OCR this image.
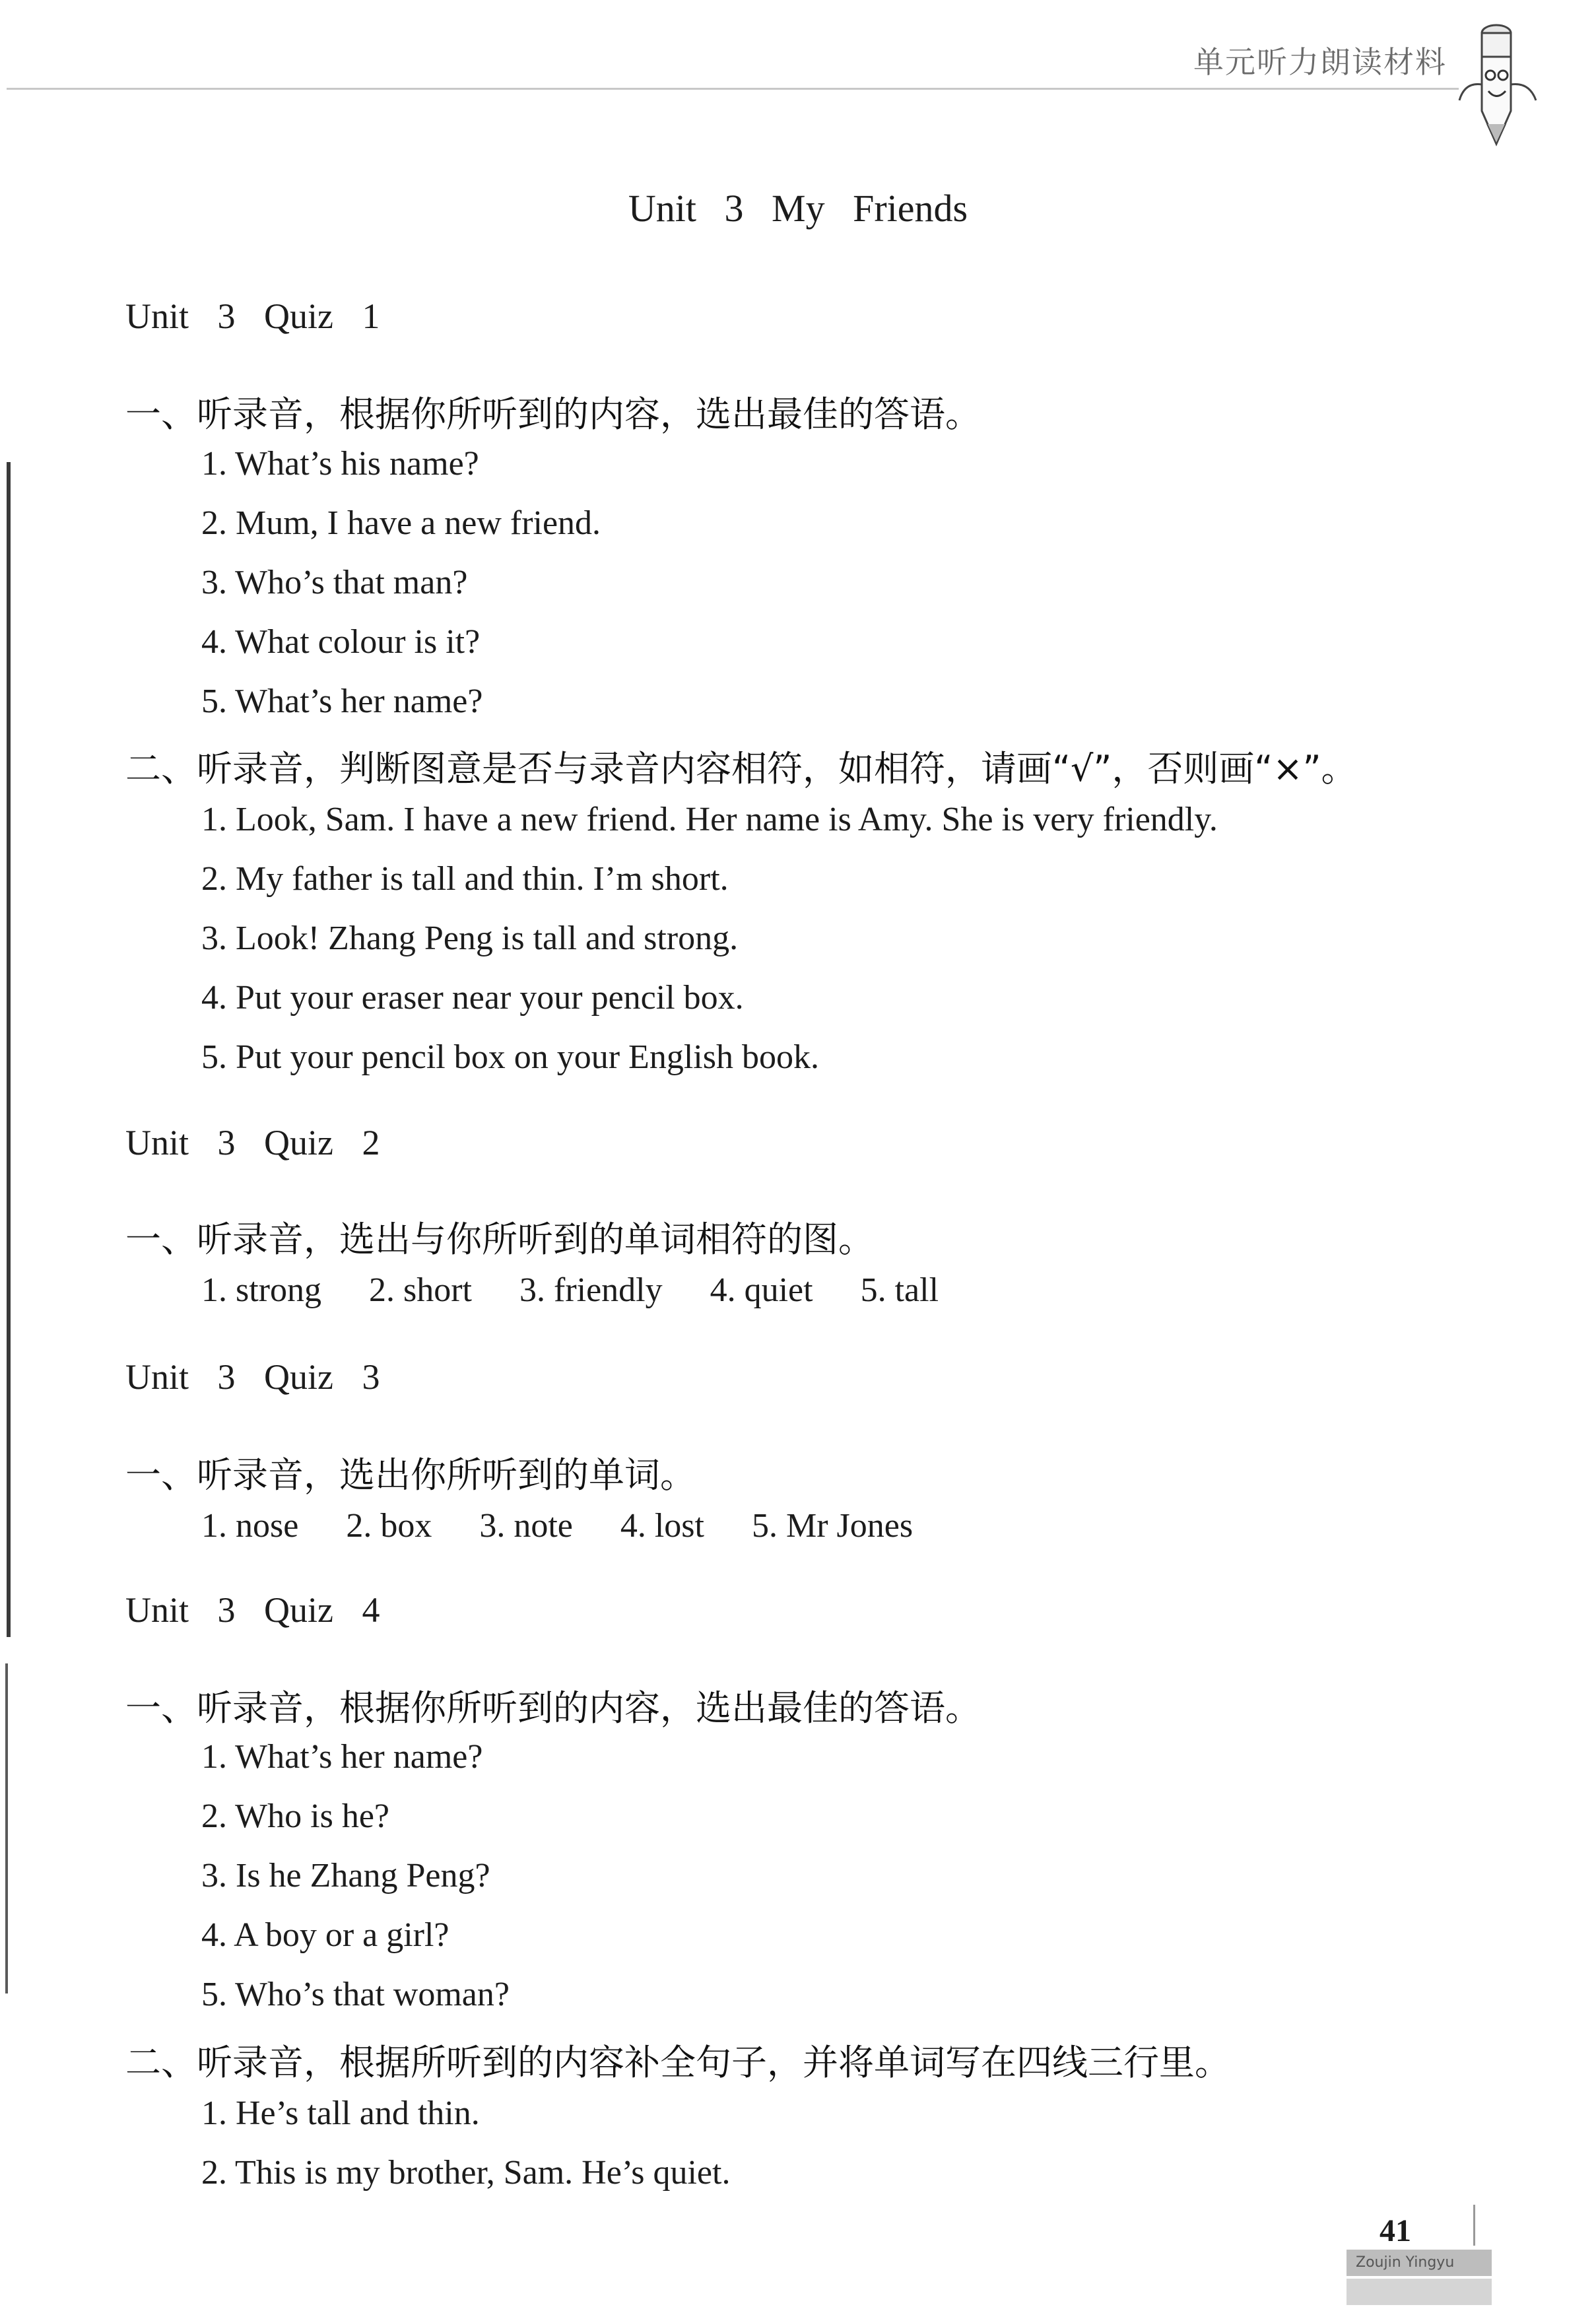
单元听力朗读材料
Unit 3 My Friends
Unit 3 Quiz 1
一、听录音，根据你所听到的内容，选出最佳的答语。
1. What’s his name?
2. Mum, I have a new friend.
3. Who’s that man?
4. What colour is it?
5. What’s her name?
二、听录音，判断图意是否与录音内容相符，如相符，请画“√”，否则画“×”。
1. Look, Sam. I have a new friend. Her name is Amy. She is very friendly.
2. My father is tall and thin. I’m short.
3. Look! Zhang Peng is tall and strong.
4. Put your eraser near your pencil box.
5. Put your pencil box on your English book.
Unit 3 Quiz 2
一、听录音，选出与你所听到的单词相符的图。
1. strong 2. short 3. friendly 4. quiet 5. tall
Unit 3 Quiz 3
一、听录音，选出你所听到的单词。
1. nose 2. box 3. note 4. lost 5. Mr Jones
Unit 3 Quiz 4
一、听录音，根据你所听到的内容，选出最佳的答语。
1. What’s her name?
2. Who is he?
3. Is he Zhang Peng?
4. A boy or a girl?
5. Who’s that woman?
二、听录音，根据所听到的内容补全句子，并将单词写在四线三行里。
1. He’s tall and thin.
2. This is my brother, Sam. He’s quiet.
41
Zoujin Yingyu
